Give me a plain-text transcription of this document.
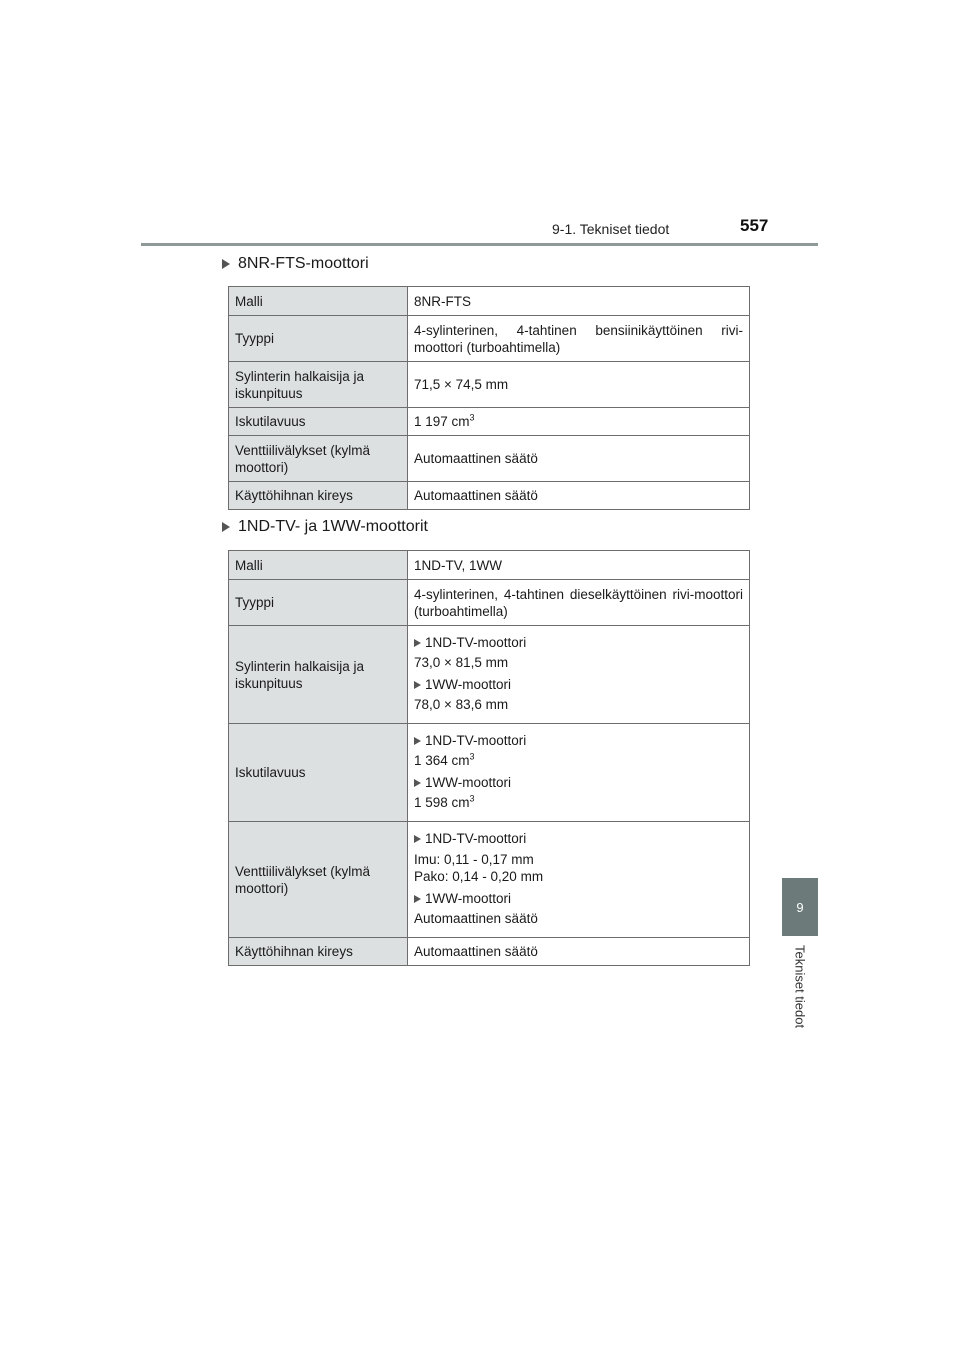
9-1. Tekniset tiedot	557
9
Tekniset tiedot
8NR-FTS-moottori
Malli	8NR-FTS
Tyyppi	4-sylinterinen, 4-tahtinen bensiinikäyttöinen rivi-moottori (turboahtimella)
Sylinterin halkaisija ja iskunpituus	71,5 × 74,5 mm
Iskutilavuus	1 197 $cm^3$
Venttiilivälykset (kylmä moottori)	Automaattinen säätö
Käyttöhihnan kireys	Automaattinen säätö
1ND-TV- ja 1WW-moottorit
Malli	1ND-TV, 1WW
Tyyppi	4-sylinterinen, 4-tahtinen dieselkäyttöinen rivi-moottori (turboahtimella)
Sylinterin halkaisija ja iskunpituus	1ND-TV-moottori
73,0 × 81,5 mm
1WW-moottori
78,0 × 83,6 mm

Iskutilavuus	1ND-TV-moottori
1 364 $cm^3$
1WW-moottori
1 598 $cm^3$

Venttiilivälykset (kylmä moottori)	1ND-TV-moottori
Imu: 0,11 - 0,17 mm
Pako: 0,14 - 0,20 mm
1WW-moottori
Automaattinen säätö

Käyttöhihnan kireys	Automaattinen säätö
